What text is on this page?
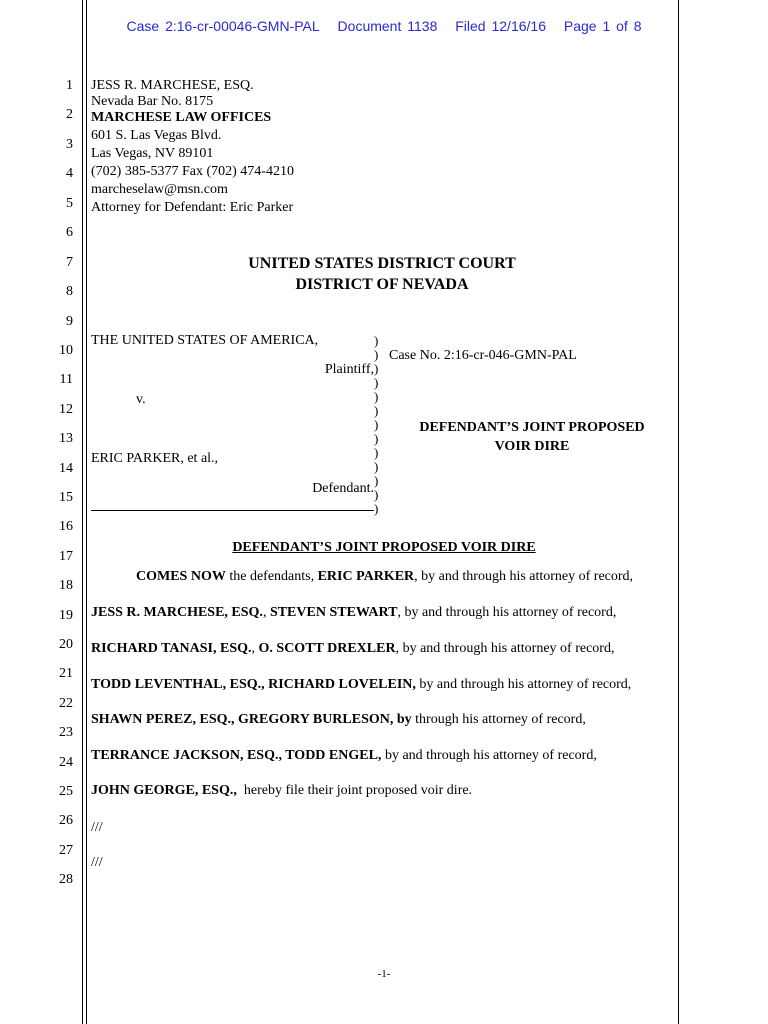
Case 2:16-cr-00046-GMN-PAL Document 1138 Filed 12/16/16 Page 1 of 8
1
2
3
4
5
6
7
8
9
10
11
12
13
14
15
16
17
18
19
20
21
22
23
24
25
26
27
28
JESS R. MARCHESE, ESQ.
Nevada Bar No. 8175
MARCHESE LAW OFFICES
601 S. Las Vegas Blvd.
Las Vegas, NV 89101
(702) 385-5377 Fax (702) 474-4210
marcheselaw@msn.com
Attorney for Defendant: Eric Parker
UNITED STATES DISTRICT COURT
DISTRICT OF NEVADA
THE UNITED STATES OF AMERICA,
Plaintiff,
v.
ERIC PARKER, et al.,
Defendant.
)
)
)
)
)
)
)
)
)
)
)
)
)
Case No. 2:16-cr-046-GMN-PAL
DEFENDANT’S JOINT PROPOSED
VOIR DIRE
DEFENDANT’S JOINT PROPOSED VOIR DIRE
COMES NOW the defendants, ERIC PARKER, by and through his attorney of record,
JESS R. MARCHESE, ESQ., STEVEN STEWART, by and through his attorney of record,
RICHARD TANASI, ESQ., O. SCOTT DREXLER, by and through his attorney of record,
TODD LEVENTHAL, ESQ., RICHARD LOVELEIN, by and through his attorney of record,
SHAWN PEREZ, ESQ., GREGORY BURLESON, by through his attorney of record,
TERRANCE JACKSON, ESQ., TODD ENGEL, by and through his attorney of record,
JOHN GEORGE, ESQ.,  hereby file their joint proposed voir dire.
///
///
-1-
